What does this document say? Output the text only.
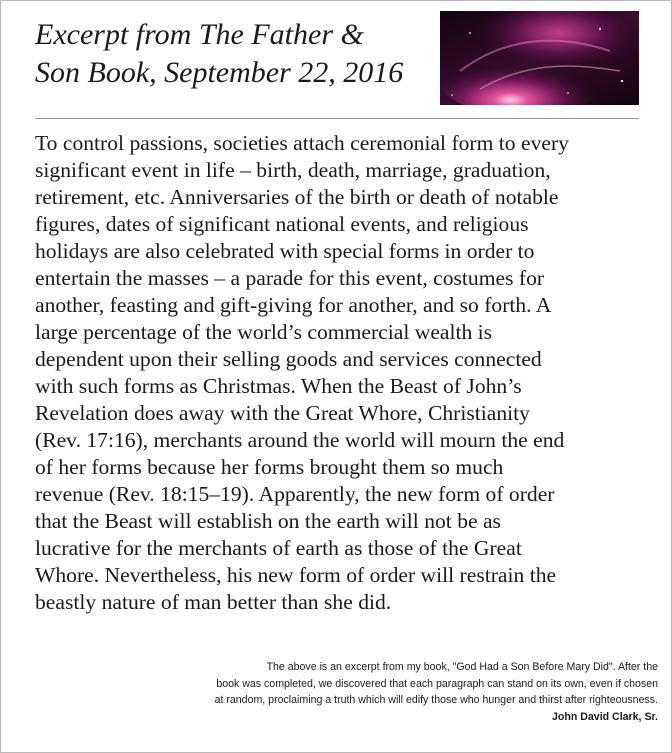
Excerpt from The Father &
Son Book, September 22, 2016
To control passions, societies attach ceremonial form to every
significant event in life – birth, death, marriage, graduation,
retirement, etc. Anniversaries of the birth or death of notable
figures, dates of significant national events, and religious
holidays are also celebrated with special forms in order to
entertain the masses – a parade for this event, costumes for
another, feasting and gift-giving for another, and so forth. A
large percentage of the world’s commercial wealth is
dependent upon their selling goods and services connected
with such forms as Christmas. When the Beast of John’s
Revelation does away with the Great Whore, Christianity
(Rev. 17:16), merchants around the world will mourn the end
of her forms because her forms brought them so much
revenue (Rev. 18:15–19). Apparently, the new form of order
that the Beast will establish on the earth will not be as
lucrative for the merchants of earth as those of the Great
Whore. Nevertheless, his new form of order will restrain the
beastly nature of man better than she did.
The above is an excerpt from my book, "God Had a Son Before Mary Did". After the
book was completed, we discovered that each paragraph can stand on its own, even if chosen
at random, proclaiming a truth which will edify those who hunger and thirst after righteousness.
John David Clark, Sr.
